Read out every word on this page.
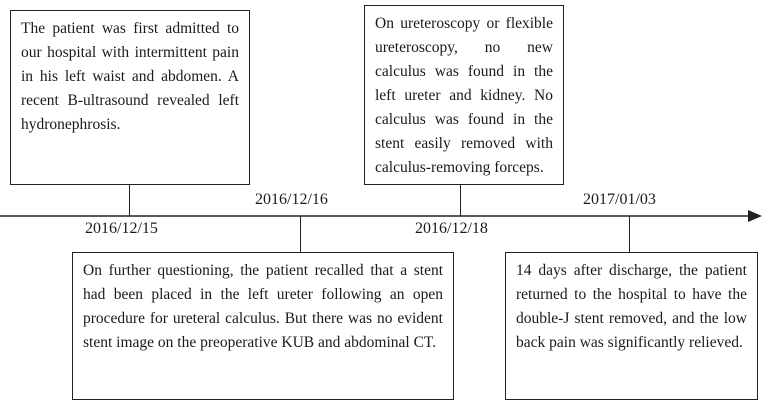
The patient was first admitted to our hospital with intermittent pain in his left waist and abdomen. A recent B-ultrasound revealed left hydronephrosis.
2016/12/15
On further questioning, the patient recalled that a stent had been placed in the left ureter following an open procedure for ureteral calculus. But there was no evident stent image on the preoperative KUB and abdominal CT.
2016/12/16
On ureteroscopy or flexible ureteroscopy, no new calculus was found in the left ureter and kidney. No calculus was found in the stent easily removed with calculus-removing forceps.
2016/12/18
14 days after discharge, the patient returned to the hospital to have the double-J stent removed, and the low back pain was significantly relieved.
2017/01/03
